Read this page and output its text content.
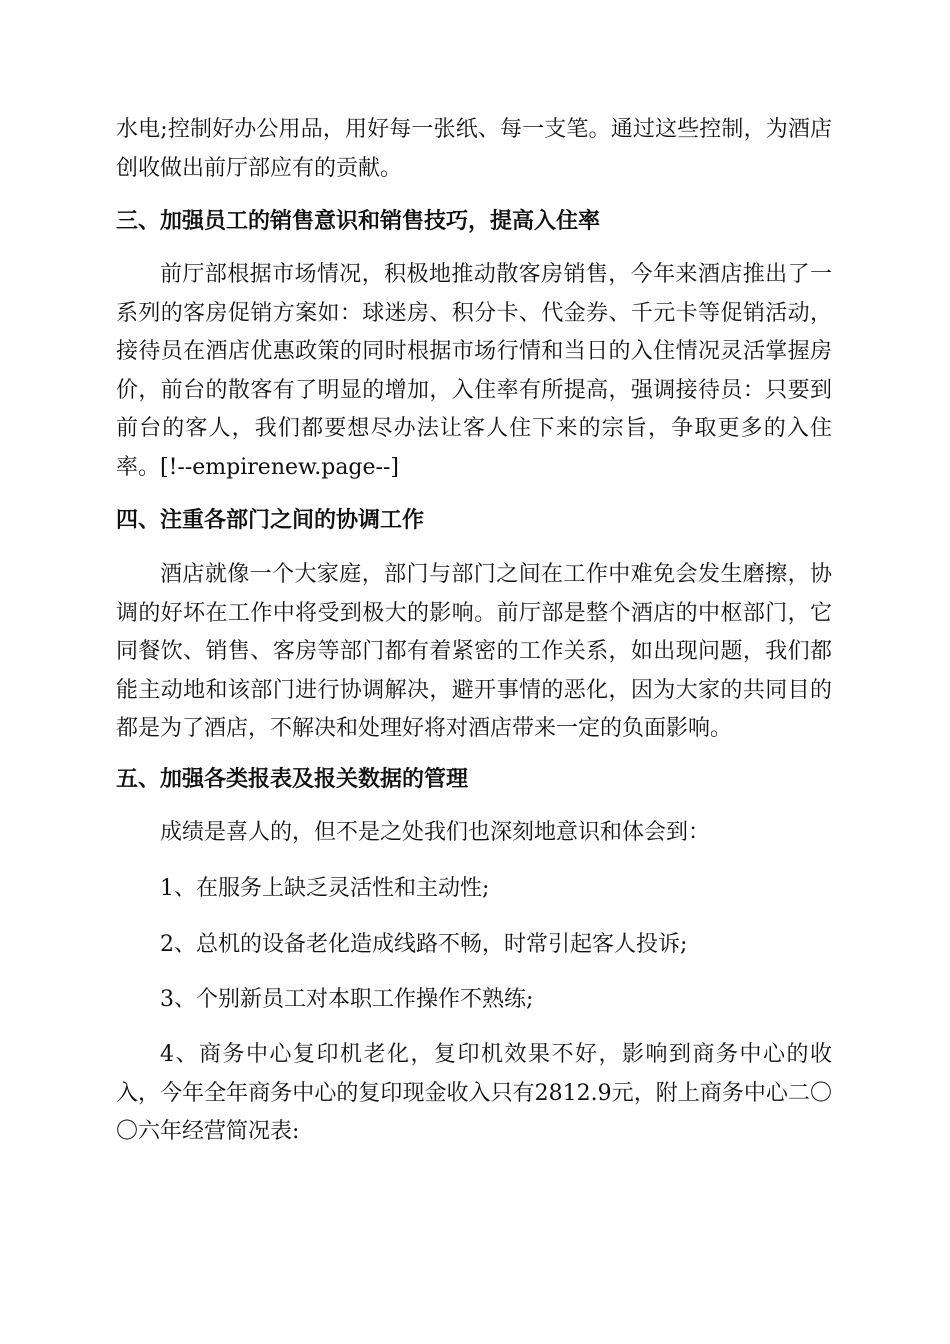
水电;控制好办公用品，用好每一张纸、每一支笔。通过这些控制，为酒店创收做出前厅部应有的贡献。

三、加强员工的销售意识和销售技巧，提高入住率

前厅部根据市场情况，积极地推动散客房销售，今年来酒店推出了一系列的客房促销方案如：球迷房、积分卡、代金券、千元卡等促销活动，接待员在酒店优惠政策的同时根据市场行情和当日的入住情况灵活掌握房价，前台的散客有了明显的增加，入住率有所提高，强调接待员：只要到前台的客人，我们都要想尽办法让客人住下来的宗旨，争取更多的入住率。[!--empirenew.page--]

四、注重各部门之间的协调工作

酒店就像一个大家庭，部门与部门之间在工作中难免会发生磨擦，协调的好坏在工作中将受到极大的影响。前厅部是整个酒店的中枢部门，它同餐饮、销售、客房等部门都有着紧密的工作关系，如出现问题，我们都能主动地和该部门进行协调解决，避开事情的恶化，因为大家的共同目的都是为了酒店，不解决和处理好将对酒店带来一定的负面影响。

五、加强各类报表及报关数据的管理

成绩是喜人的，但不是之处我们也深刻地意识和体会到：

1、在服务上缺乏灵活性和主动性;

2、总机的设备老化造成线路不畅，时常引起客人投诉;

3、个别新员工对本职工作操作不熟练;

4、商务中心复印机老化，复印机效果不好，影响到商务中心的收入，今年全年商务中心的复印现金收入只有2812.9元，附上商务中心二〇〇六年经营简况表:
